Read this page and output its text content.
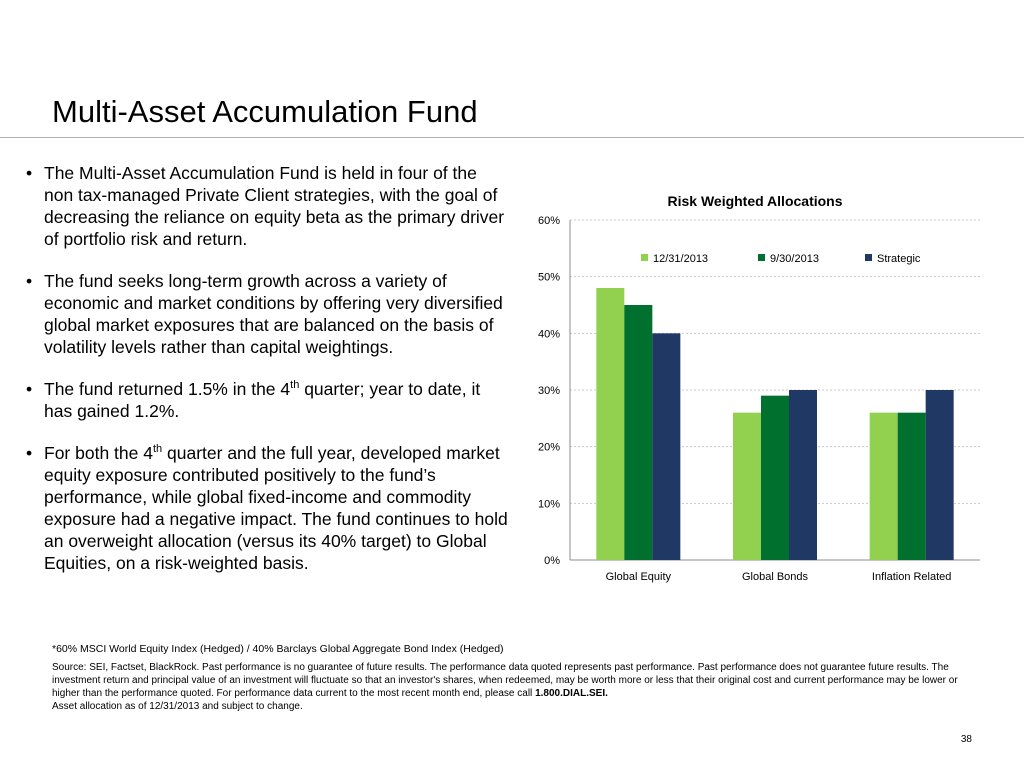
Multi-Asset Accumulation Fund
• The Multi-Asset Accumulation Fund is held in four of the non tax-managed Private Client strategies, with the goal of decreasing the reliance on equity beta as the primary driver of portfolio risk and return.
• The fund seeks long-term growth across a variety of economic and market conditions by offering very diversified global market exposures that are balanced on the basis of volatility levels rather than capital weightings.
• The fund returned 1.5% in the 4th quarter; year to date, it has gained 1.2%.
• For both the 4th quarter and the full year, developed market equity exposure contributed positively to the fund’s performance, while global fixed-income and commodity exposure had a negative impact. The fund continues to hold an overweight allocation (versus its 40% target) to Global Equities, on a risk-weighted basis.
Risk Weighted Allocations
0%
10%
20%
30%
40%
50%
60%
Global Equity	Global Bonds	Inflation Related
12/31/2013	9/30/2013	Strategic
*60% MSCI World Equity Index (Hedged) / 40% Barclays Global Aggregate Bond Index (Hedged)
Source: SEI, Factset, BlackRock. Past performance is no guarantee of future results. The performance data quoted represents past performance. Past performance does not guarantee future results. The investment return and principal value of an investment will fluctuate so that an investor's shares, when redeemed, may be worth more or less that their original cost and current performance may be lower or higher than the performance quoted. For performance data current to the most recent month end, please call 1.800.DIAL.SEI.
Asset allocation as of 12/31/2013 and subject to change.
38
